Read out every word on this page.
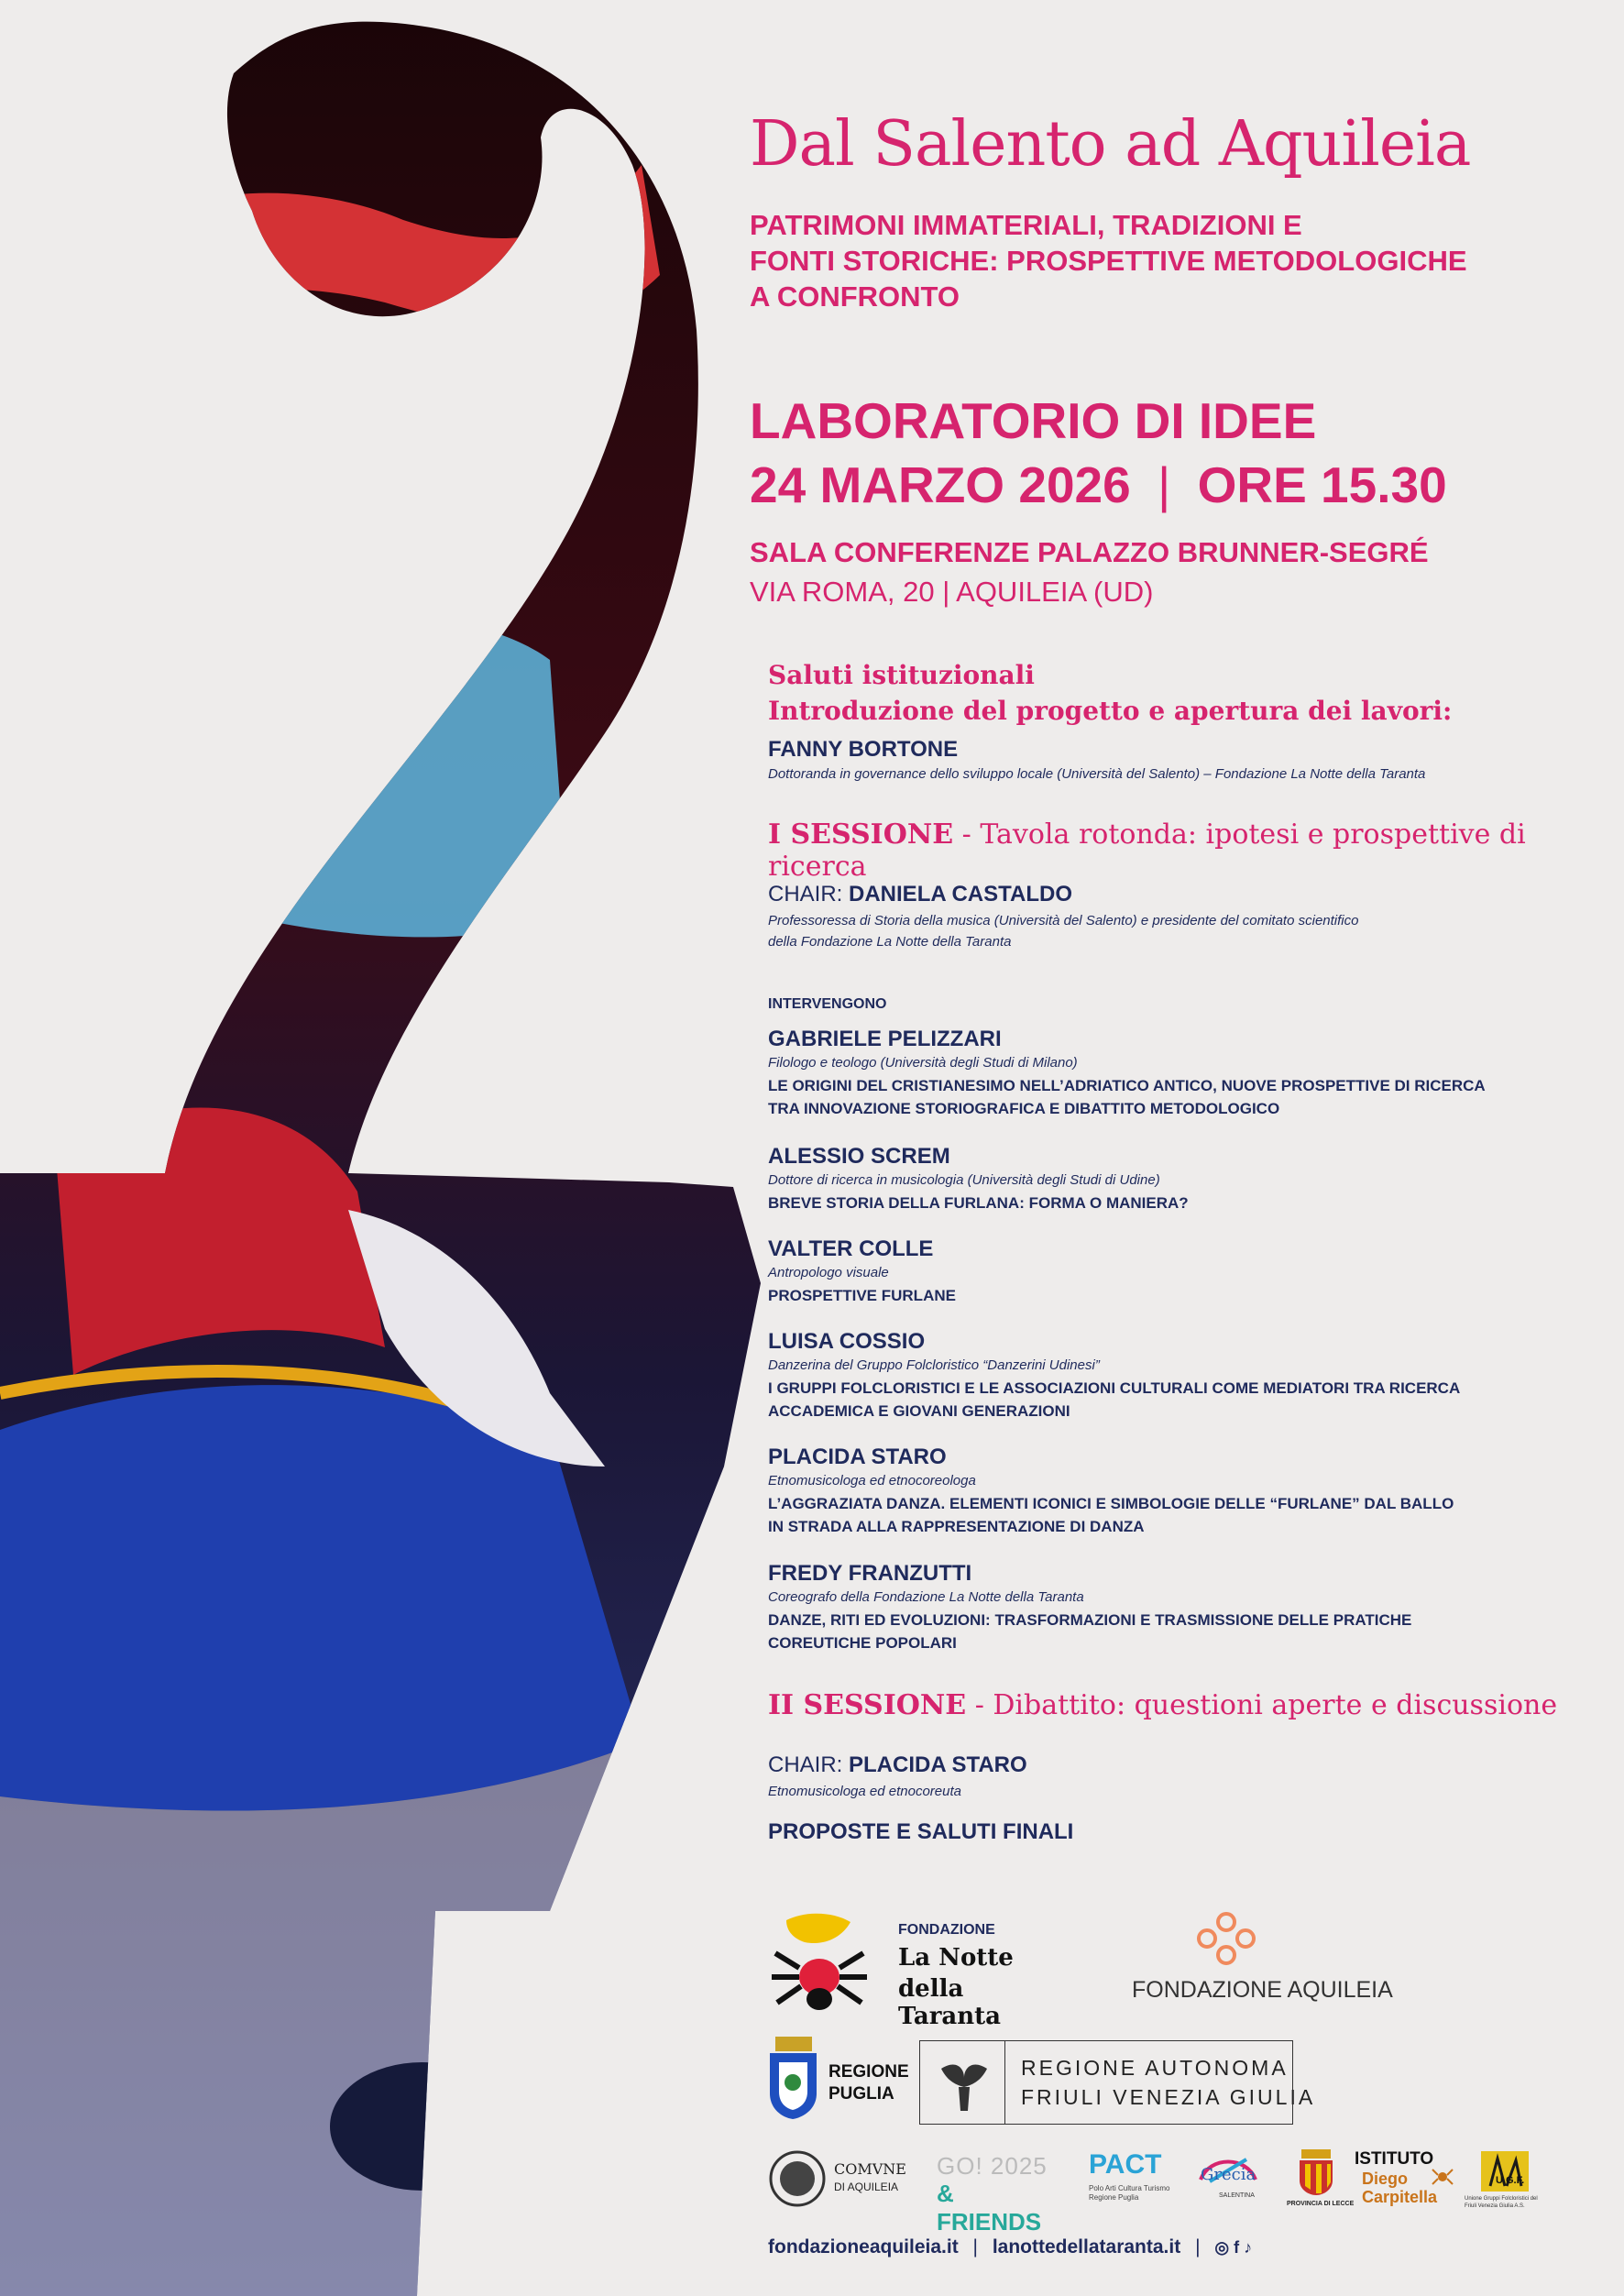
Dal Salento ad Aquileia
PATRIMONI IMMATERIALI, TRADIZIONI E
FONTI STORICHE: PROSPETTIVE METODOLOGICHE
A CONFRONTO
LABORATORIO DI IDEE
24 MARZO 2026 | ORE 15.30
SALA CONFERENZE PALAZZO BRUNNER-SEGRÉ
VIA ROMA, 20 | AQUILEIA (UD)
Saluti istituzionali
Introduzione del progetto e apertura dei lavori:
FANNY BORTONE
Dottoranda in governance dello sviluppo locale (Università del Salento) – Fondazione La Notte della Taranta
I SESSIONE - Tavola rotonda: ipotesi e prospettive di ricerca
CHAIR: DANIELA CASTALDO
Professoressa di Storia della musica (Università del Salento) e presidente del comitato scientifico
della Fondazione La Notte della Taranta
INTERVENGONO
GABRIELE PELIZZARI
Filologo e teologo (Università degli Studi di Milano)
LE ORIGINI DEL CRISTIANESIMO NELL’ADRIATICO ANTICO, NUOVE PROSPETTIVE DI RICERCA
TRA INNOVAZIONE STORIOGRAFICA E DIBATTITO METODOLOGICO
ALESSIO SCREM
Dottore di ricerca in musicologia (Università degli Studi di Udine)
BREVE STORIA DELLA FURLANA: FORMA O MANIERA?
VALTER COLLE
Antropologo visuale
PROSPETTIVE FURLANE
LUISA COSSIO
Danzerina del Gruppo Folcloristico “Danzerini Udinesi”
I GRUPPI FOLCLORISTICI E LE ASSOCIAZIONI CULTURALI COME MEDIATORI TRA RICERCA
ACCADEMICA E GIOVANI GENERAZIONI
PLACIDA STARO
Etnomusicologa ed etnocoreologa
L’AGGRAZIATA DANZA. ELEMENTI ICONICI E SIMBOLOGIE DELLE “FURLANE” DAL BALLO
IN STRADA ALLA RAPPRESENTAZIONE DI DANZA
FREDY FRANZUTTI
Coreografo della Fondazione La Notte della Taranta
DANZE, RITI ED EVOLUZIONI: TRASFORMAZIONI E TRASMISSIONE DELLE PRATICHE
COREUTICHE POPOLARI
II SESSIONE - Dibattito: questioni aperte e discussione
CHAIR: PLACIDA STARO
Etnomusicologa ed etnocoreuta
PROPOSTE E SALUTI FINALI
FONDAZIONE
La Notte
della Taranta
FONDAZIONE AQUILEIA
REGIONE
PUGLIA
REGIONE AUTONOMA
FRIULI VENEZIA GIULIA
COMVNE
DI AQUILEIA
GO! 2025
& FRIENDS
PACT
Polo Arti Cultura Turismo Regione Puglia
Grecia
SALENTINA
PROVINCIA DI LECCE
ISTITUTO
Diego
Carpitella
U.G.F.
Unione Gruppi Folcloristici del Friuli Venezia Giulia A.S.
fondazioneaquileia.it | lanottedellataranta.it | ◎ f ♪
